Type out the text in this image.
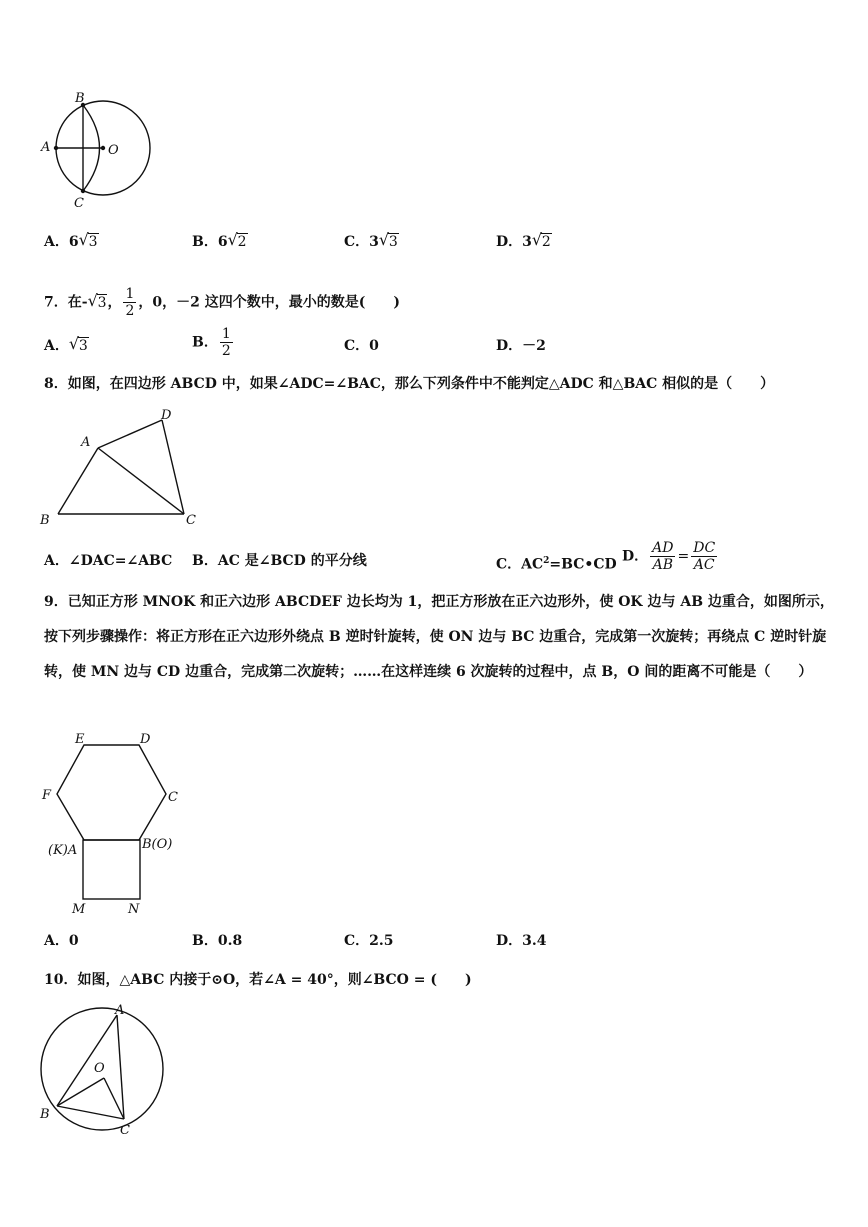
B
A	O
C
A．6 √ 3	B．6 √ 2	C．3 √ 3	D．3 √ 2
7．在- √ 3， $\frac{1}{2}$ ，0，－2 这四个数中，最小的数是(　　)
A． √ 3	B． $\frac{1}{2}$	C．0	D．－2
8．如图，在四边形 ABCD 中，如果∠ADC=∠BAC，那么下列条件中不能判定△ADC 和△BAC 相似的是（　　）
A
D
B	C
A．∠DAC=∠ABC B．AC 是∠BCD 的平分线	C．$AC^2=BC•CD$
D． $\frac{AD}{AB} = \frac{DC}{AC}$
9．已知正方形 MNOK 和正六边形 ABCDEF 边长均为 1，把正方形放在正六边形外，使 OK 边与 AB 边重合，如图所示，按下列步骤操作：将正方形在正六边形外绕点 B 逆时针旋转，使 ON 边与 BC 边重合，完成第一次旋转；再绕点 C 逆时针旋转，使 MN 边与 CD 边重合，完成第二次旋转；……在这样连续 6 次旋转的过程中，点 B，O 间的距离不可能是（　　）
E	D
F	C
(K)A	B(O)
M	N
A．0	B．0.8	C．2.5	D．3.4
10．如图，△ABC 内接于⊙O，若∠A = 40°，则∠BCO = (　　)
A
O
B
C
